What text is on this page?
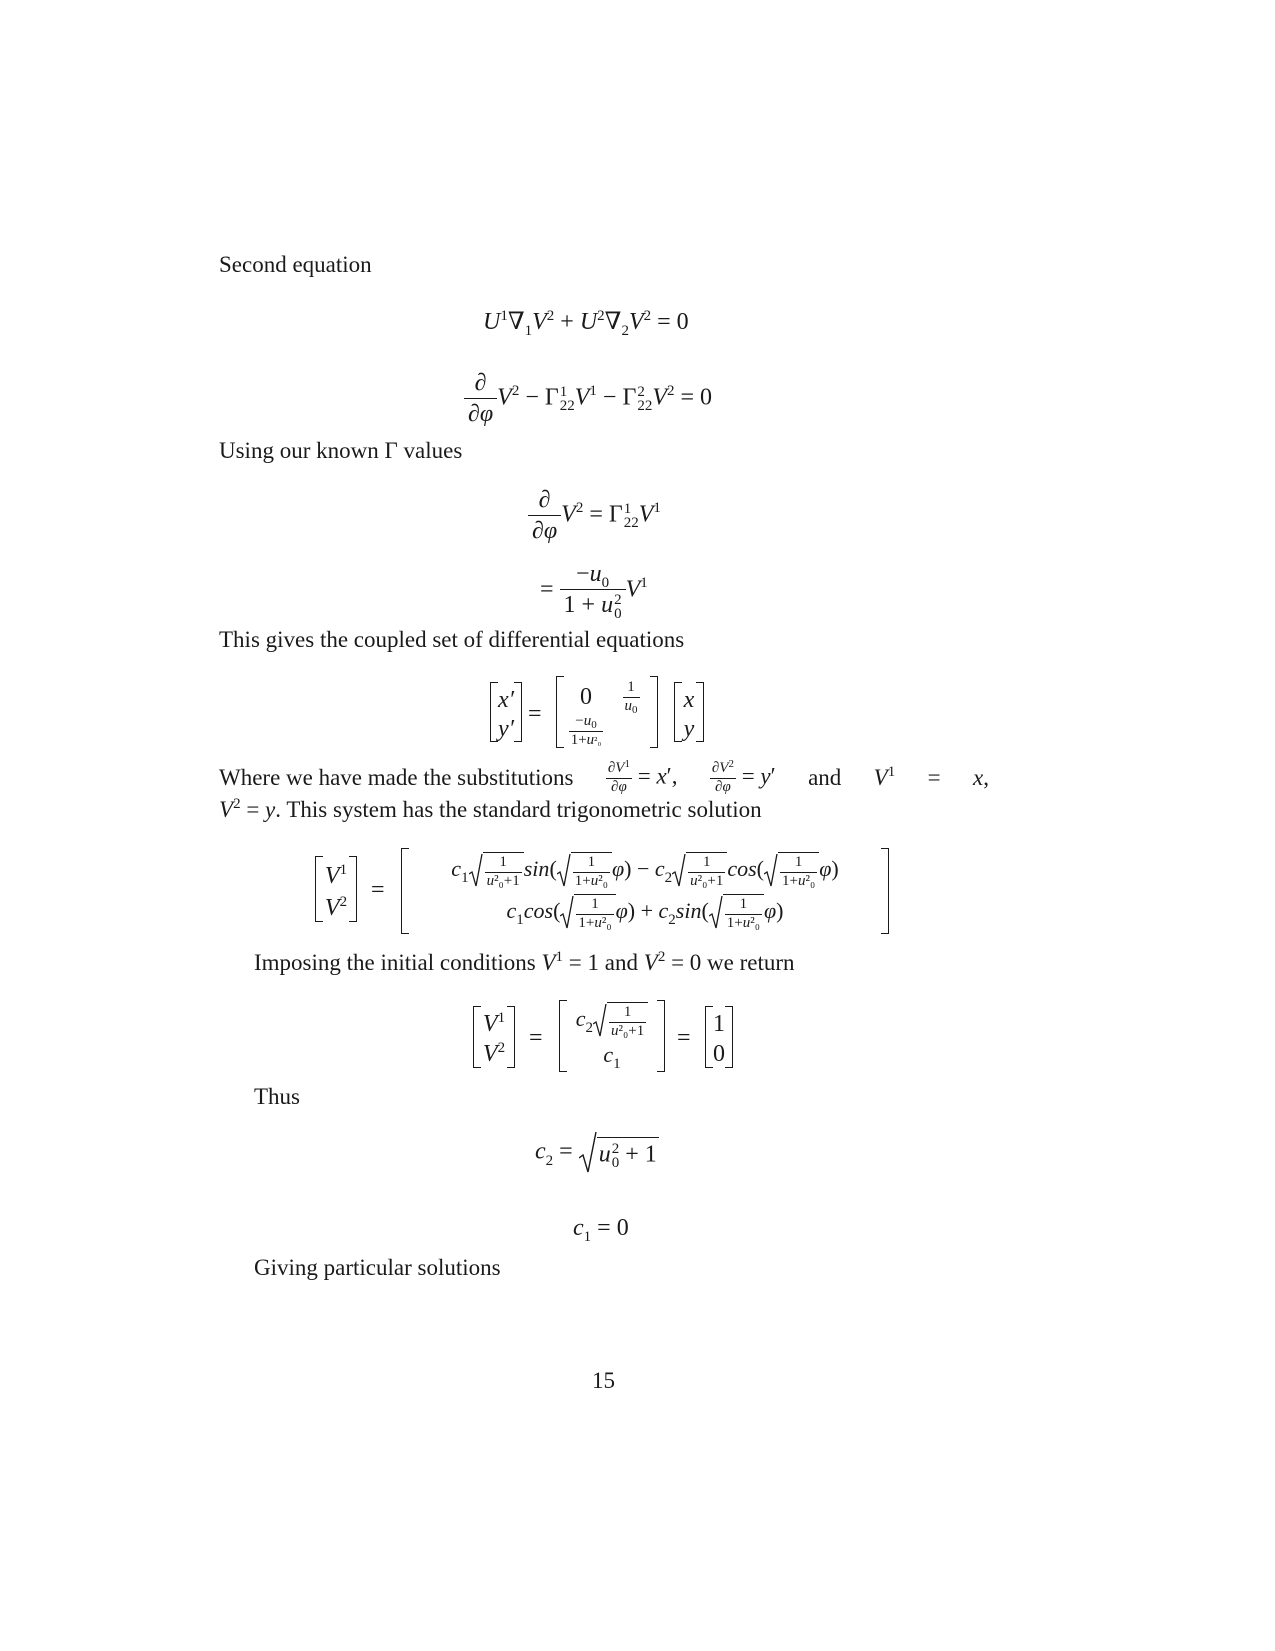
Second equation
$U^1\nabla_1V^2 + U^2\nabla_2V^2 = 0$
$\frac{\partial}{\partial\varphi} V^2 - \Gamma$ 1
22 $V^1 - \Gamma$ 2
22 $V^2 = 0$
Using our known Γ values
$\frac{\partial}{\partial\varphi} V^2 = \Gamma$ 1
22 $V^1$
= $-u_0$
1 + u 2
0 $V^1$
This gives the coupled set of differential equations
x′
y′
=
0	$\frac{1}{u_0}$
$\frac{-u_0}{\text{1+u²₀}}$
x
y
Where we have made the substitutions $\frac{\partial V^1}{\partial\varphi} = x'$, $\frac{\partial V^2}{\partial\varphi} = y'$ and $V^1 = x$,
$V^2 = y$. This system has the standard trigonometric solution
$V^1$
$V^2$ =
$c_1 \frac{1}{\text{u²₀+1}} \sin( \frac{1}{\text{1+u²₀}} \varphi) - c_2 \frac{1}{\text{u²₀+1}} \cos( \frac{1}{\text{1+u²₀}} \varphi)$
$c_1\cos( \frac{1}{\text{1+u²₀}} \varphi) + c_2\sin( \frac{1}{\text{1+u²₀}} \varphi)$
Imposing the initial conditions $V^1 = 1$ and $V^2 = 0$ we return
$V^1$
$V^2$ =
$c_2 \frac{1}{\text{u²₀+1}}$
$c_1$
=
1
0
Thus
$c_2 = u$ 2
0 + 1
$c_1 = 0$
Giving particular solutions
15
